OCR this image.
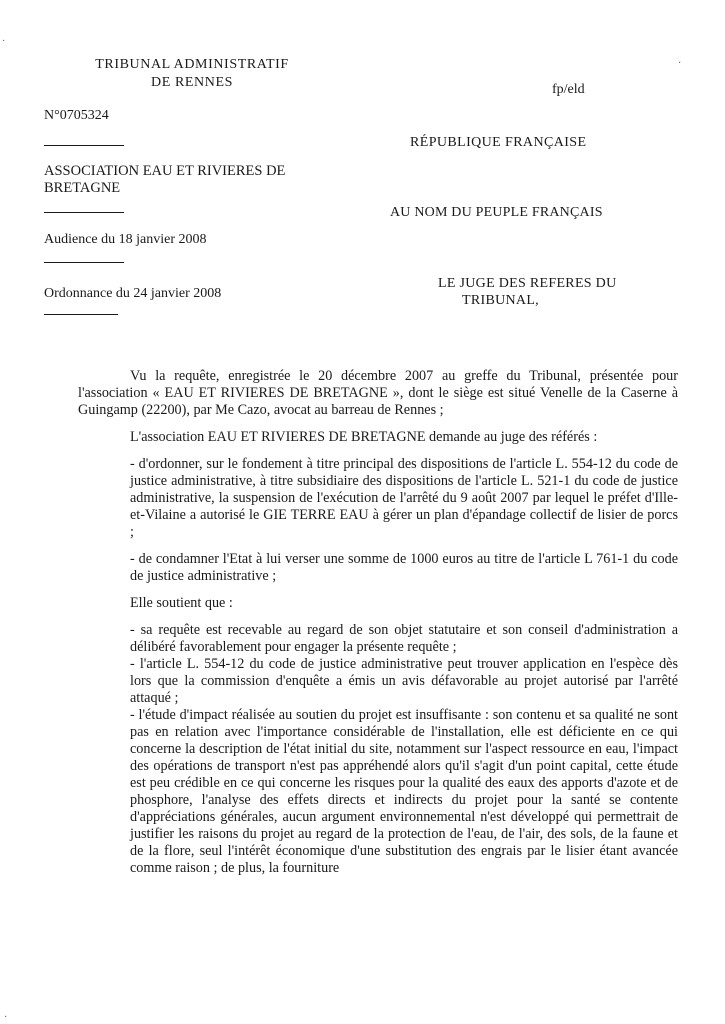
TRIBUNAL ADMINISTRATIF
DE RENNES	fp/eld
N°0705324
ASSOCIATION EAU ET RIVIERES DE BRETAGNE
Audience du 18 janvier 2008
Ordonnance du 24 janvier 2008
RÉPUBLIQUE FRANÇAISE
AU NOM DU PEUPLE FRANÇAIS
LE JUGE DES REFERES DU
TRIBUNAL,

Vu la requête, enregistrée le 20 décembre 2007 au greffe du Tribunal, présentée pour l'association « EAU ET RIVIERES DE BRETAGNE », dont le siège est situé Venelle de la Caserne à Guingamp (22200), par Me Cazo, avocat au barreau de Rennes ;

L'association EAU ET RIVIERES DE BRETAGNE demande au juge des référés :

- d'ordonner, sur le fondement à titre principal des dispositions de l'article L. 554-12 du code de justice administrative, à titre subsidiaire des dispositions de l'article L. 521-1 du code de justice administrative, la suspension de l'exécution de l'arrêté du 9 août 2007 par lequel le préfet d'Ille-et-Vilaine a autorisé le GIE TERRE EAU à gérer un plan d'épandage collectif de lisier de porcs ;

- de condamner l'Etat à lui verser une somme de 1000 euros au titre de l'article L 761-1 du code de justice administrative ;

Elle soutient que :

- sa requête est recevable au regard de son objet statutaire et son conseil d'administration a délibéré favorablement pour engager la présente requête ;

- l'article L. 554-12 du code de justice administrative peut trouver application en l'espèce dès lors que la commission d'enquête a émis un avis défavorable au projet autorisé par l'arrêté attaqué ;

- l'étude d'impact réalisée au soutien du projet est insuffisante : son contenu et sa qualité ne sont pas en relation avec l'importance considérable de l'installation, elle est déficiente en ce qui concerne la description de l'état initial du site, notamment sur l'aspect ressource en eau, l'impact des opérations de transport n'est pas appréhendé alors qu'il s'agit d'un point capital, cette étude est peu crédible en ce qui concerne les risques pour la qualité des eaux des apports d'azote et de phosphore, l'analyse des effets directs et indirects du projet pour la santé se contente d'appréciations générales, aucun argument environnemental n'est développé qui permettrait de justifier les raisons du projet au regard de la protection de l'eau, de l'air, des sols, de la faune et de la flore, seul l'intérêt économique d'une substitution des engrais par le lisier étant avancée comme raison ; de plus, la fourniture

·
·
·
